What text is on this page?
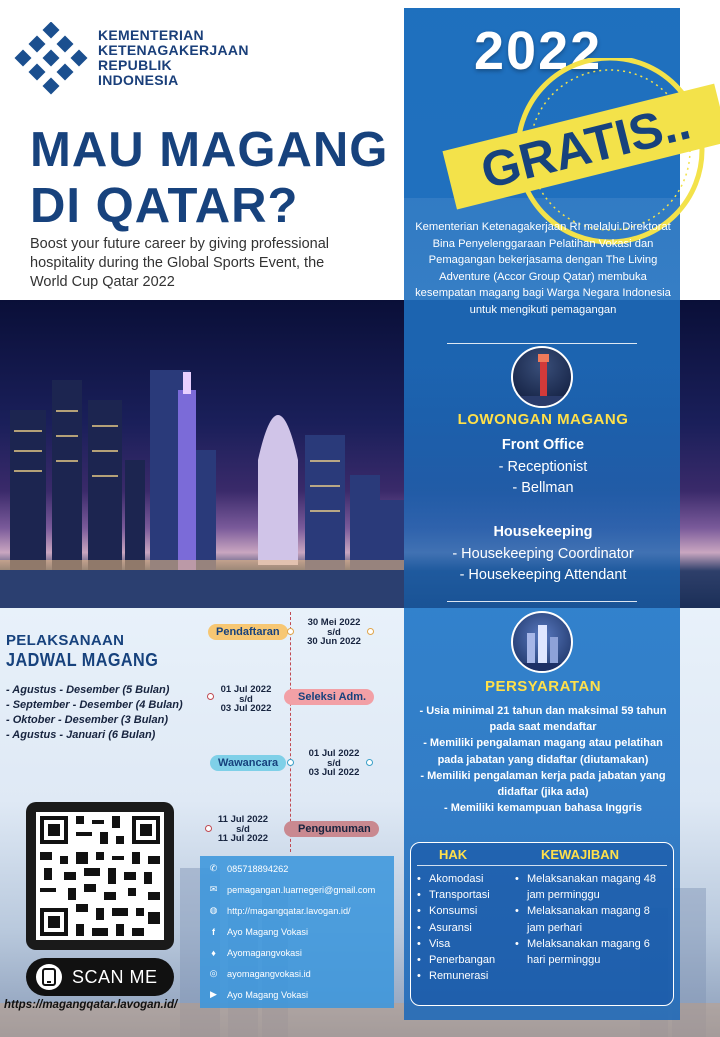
KEMENTERIAN
KETENAGAKERJAAN
REPUBLIK
INDONESIA
MAU MAGANG
DI QATAR?
Boost your future career by giving professional hospitality during the Global Sports Event, the World Cup Qatar 2022
2022
GRATIS..
Kementerian Ketenagakerjaan RI melalui Direktorat Bina Penyelenggaraan Pelatihan Vokasi dan Pemagangan bekerjasama dengan The Living Adventure (Accor Group Qatar) membuka kesempatan magang bagi Warga Negara Indonesia untuk mengikuti pemagangan
LOWONGAN MAGANG
Front Office
- Receptionist
- Bellman
Housekeeping
- Housekeeping Coordinator
- Housekeeping Attendant
PERSYARATAN
- Usia minimal 21 tahun dan maksimal 59 tahun pada saat mendaftar
- Memiliki pengalaman magang atau pelatihan pada jabatan yang didaftar (diutamakan)
- Memiliki pengalaman kerja pada jabatan yang didaftar (jika ada)
- Memiliki kemampuan bahasa Inggris
HAK	KEWAJIBAN
• Akomodasi
• Transportasi
• Konsumsi
• Asuransi
• Visa
• Penerbangan
• Remunerasi
• Melaksanakan magang 48 jam perminggu
• Melaksanakan magang 8 jam perhari
• Melaksanakan magang 6 hari perminggu
PELAKSANAAN
JADWAL MAGANG
- Agustus - Desember (5 Bulan)
- September - Desember (4 Bulan)
- Oktober - Desember (3 Bulan)
- Agustus - Januari (6 Bulan)
Pendaftaran
30 Mei 2022
s/d
30 Jun 2022
01 Jul 2022
s/d
03 Jul 2022
Seleksi Adm.
Wawancara
01 Jul 2022
s/d
03 Jul 2022
11 Jul 2022
s/d
11 Jul 2022
Pengumuman
SCAN ME
https://magangqatar.lavogan.id/
✆ 085718894262
✉ pemagangan.luarnegeri@gmail.com
◍ http://magangqatar.lavogan.id/
f	Ayo Magang Vokasi
♦	Ayomagangvokasi
◎ ayomagangvokasi.id
▶ Ayo Magang Vokasi
